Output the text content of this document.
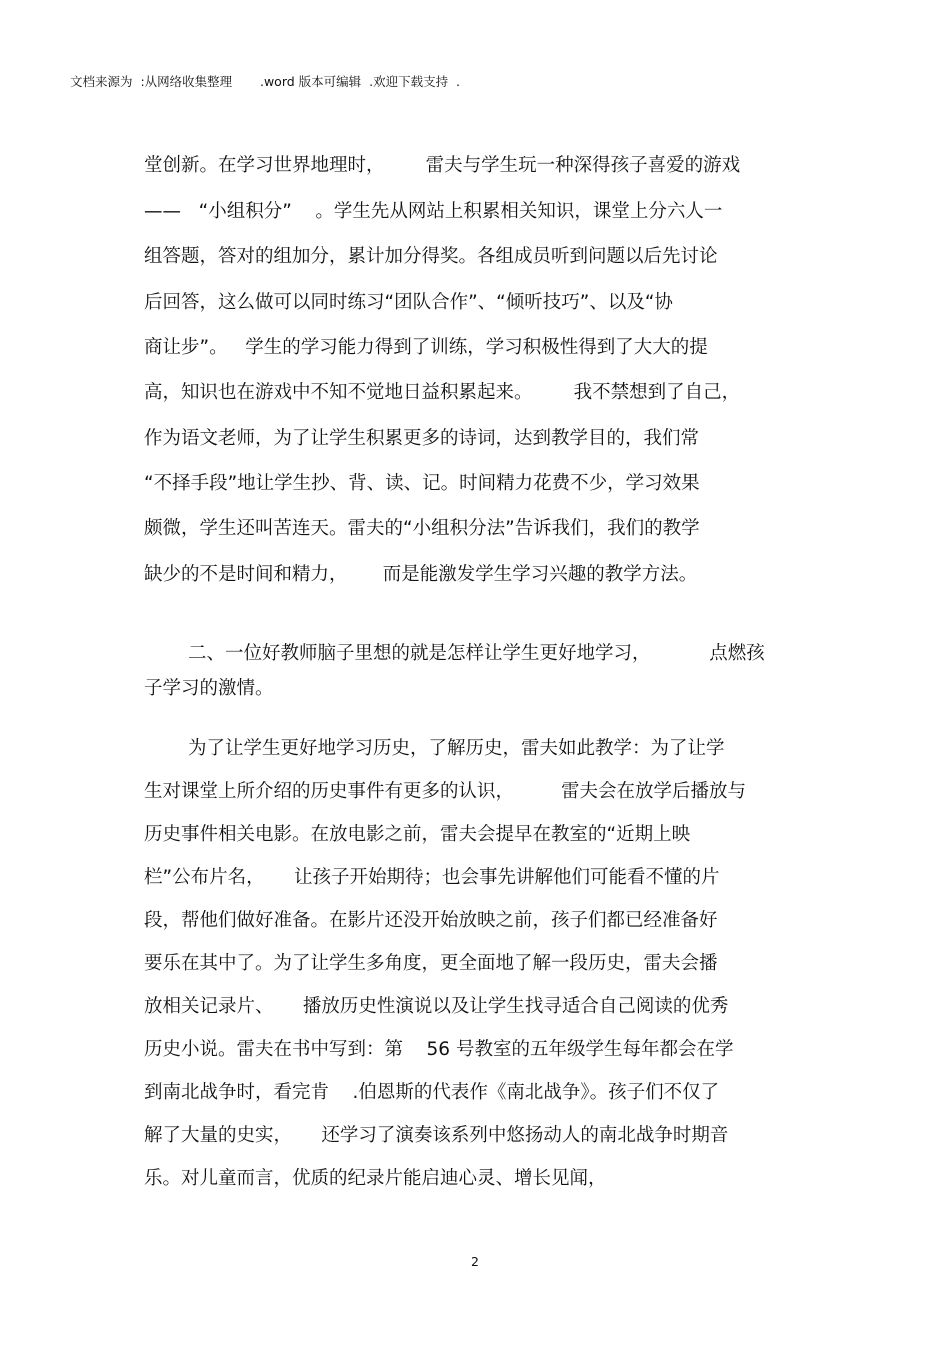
文档来源为  :从网络收集整理       .word 版本可编辑  .欢迎下载支持  .
堂创新。在学习世界地理时，       雷夫与学生玩一种深得孩子喜爱的游戏
——   “小组积分”    。学生先从网站上积累相关知识，课堂上分六人一
组答题，答对的组加分，累计加分得奖。各组成员听到问题以后先讨论
后回答，这么做可以同时练习“团队合作”、“倾听技巧”、以及“协
商让步”。   学生的学习能力得到了训练，学习积极性得到了大大的提
高，知识也在游戏中不知不觉地日益积累起来。       我不禁想到了自己，
作为语文老师，为了让学生积累更多的诗词，达到教学目的，我们常
“不择手段”地让学生抄、背、读、记。时间精力花费不少，学习效果
颇微，学生还叫苦连天。雷夫的“小组积分法”告诉我们，我们的教学
缺少的不是时间和精力，      而是能激发学生学习兴趣的教学方法。
二、一位好教师脑子里想的就是怎样让学生更好地学习，          点燃孩
子学习的激情。
为了让学生更好地学习历史，了解历史，雷夫如此教学：为了让学
生对课堂上所介绍的历史事件有更多的认识，        雷夫会在放学后播放与
历史事件相关电影。在放电影之前，雷夫会提早在教室的“近期上映
栏”公布片名，     让孩子开始期待；也会事先讲解他们可能看不懂的片
段，帮他们做好准备。在影片还没开始放映之前，孩子们都已经准备好
要乐在其中了。为了让学生多角度，更全面地了解一段历史，雷夫会播
放相关记录片、     播放历史性演说以及让学生找寻适合自己阅读的优秀
历史小说。雷夫在书中写到：第    56 号教室的五年级学生每年都会在学
到南北战争时，看完肯    .伯恩斯的代表作《南北战争》。孩子们不仅了
解了大量的史实，     还学习了演奏该系列中悠扬动人的南北战争时期音
乐。对儿童而言，优质的纪录片能启迪心灵、增长见闻，
2
